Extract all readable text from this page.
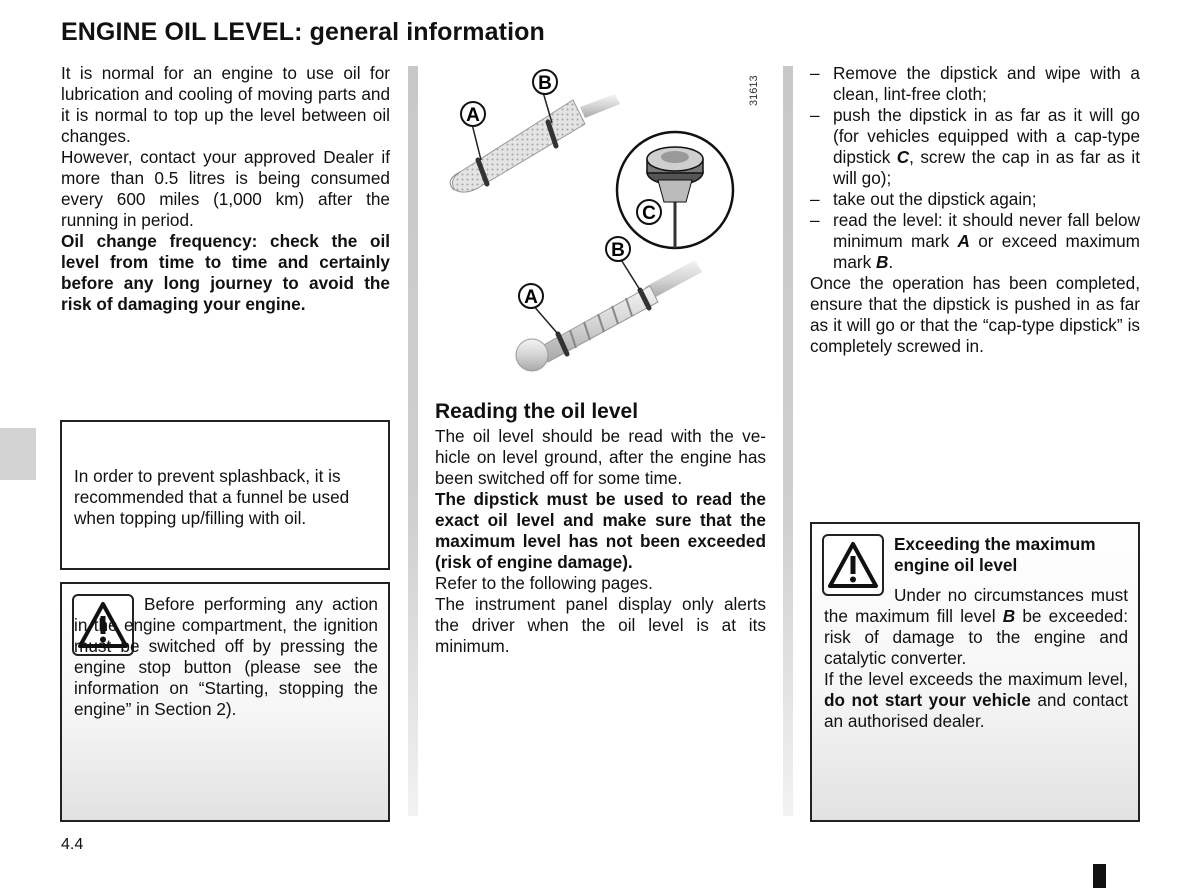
ENGINE OIL LEVEL: general information

It is normal for an engine to use oil for lubrication and cooling of moving parts and it is normal to top up the level between oil changes.

However, contact your approved Dealer if more than 0.5 litres is being consumed every 600 miles (1,000 km) after the running in period.

Oil change frequency: check the oil level from time to time and certainly before any long journey to avoid the risk of damaging your engine.

In order to prevent splashback, it is recommended that a funnel be used when topping up/filling with oil.

Before performing any action in the engine compartment, the ignition must be switched off by pressing the engine stop button (please see the information on “Starting, stopping the engine” in Section 2).

A
B
C
A
B
31613
Reading the oil level

The oil level should be read with the vehicle on level ground, after the engine has been switched off for some time.

The dipstick must be used to read the exact oil level and make sure that the maximum level has not been exceeded (risk of engine damage).

Refer to the following pages.

The instrument panel display only alerts the driver when the oil level is at its minimum.

– Remove the dipstick and wipe with a clean, lint-free cloth;
– push the dipstick in as far as it will go (for vehicles equipped with a cap-type dipstick C, screw the cap in as far as it will go);
– take out the dipstick again;
– read the level: it should never fall below minimum mark A or exceed maximum mark B.

Once the operation has been completed, ensure that the dipstick is pushed in as far as it will go or that the “cap-type dipstick” is completely screwed in.

Exceeding the maximum engine oil level

Under no circumstances must the maximum fill level B be exceeded: risk of damage to the engine and catalytic converter.

If the level exceeds the maximum level, do not start your vehicle and contact an authorised dealer.

4.4
